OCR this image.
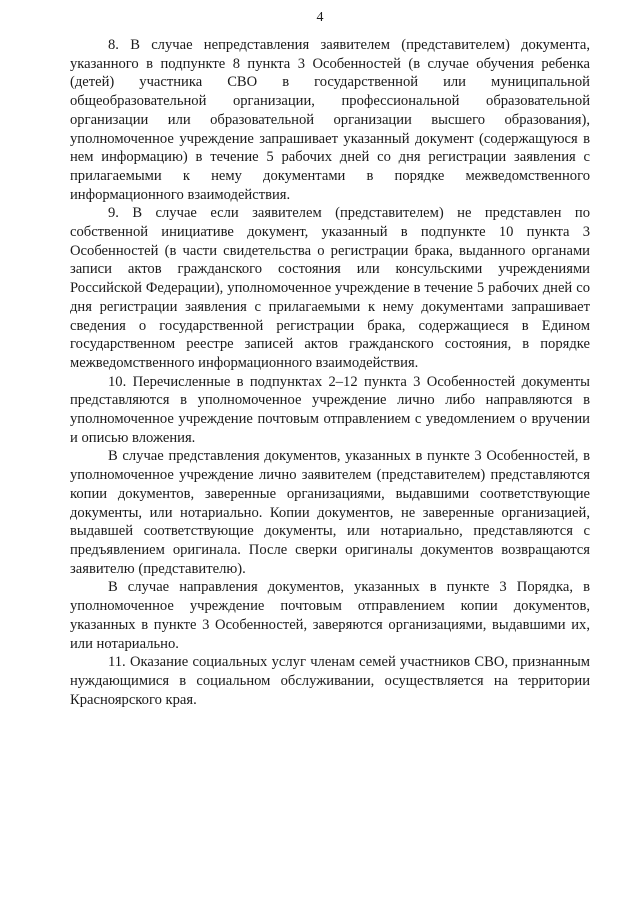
4

8. В случае непредставления заявителем (представителем) документа, указанного в подпункте 8 пункта 3 Особенностей (в случае обучения ребенка (детей) участника СВО в государственной или муниципальной общеобразовательной организации, профессиональной образовательной организации или образовательной организации высшего образования), уполномоченное учреждение запрашивает указанный документ (содержащуюся в нем информацию) в течение 5 рабочих дней со дня регистрации заявления с прилагаемыми к нему документами в порядке межведомственного информационного взаимодействия.

9. В случае если заявителем (представителем) не представлен по собственной инициативе документ, указанный в подпункте 10 пункта 3 Особенностей (в части свидетельства о регистрации брака, выданного органами записи актов гражданского состояния или консульскими учреждениями Российской Федерации), уполномоченное учреждение в течение 5 рабочих дней со дня регистрации заявления с прилагаемыми к нему документами запрашивает сведения о государственной регистрации брака, содержащиеся в Едином государственном реестре записей актов гражданского состояния, в порядке межведомственного информационного взаимодействия.

10. Перечисленные в подпунктах 2–12 пункта 3 Особенностей документы представляются в уполномоченное учреждение лично либо направляются в уполномоченное учреждение почтовым отправлением с уведомлением о вручении и описью вложения.

В случае представления документов, указанных в пункте 3 Особенностей, в уполномоченное учреждение лично заявителем (представителем) представляются копии документов, заверенные организациями, выдавшими соответствующие документы, или нотариально. Копии документов, не заверенные организацией, выдавшей соответствующие документы, или нотариально, представляются с предъявлением оригинала. После сверки оригиналы документов возвращаются заявителю (представителю).

В случае направления документов, указанных в пункте 3 Порядка, в уполномоченное учреждение почтовым отправлением копии документов, указанных в пункте 3 Особенностей, заверяются организациями, выдавшими их, или нотариально.

11. Оказание социальных услуг членам семей участников СВО, признанным нуждающимися в социальном обслуживании, осуществляется на территории Красноярского края.
